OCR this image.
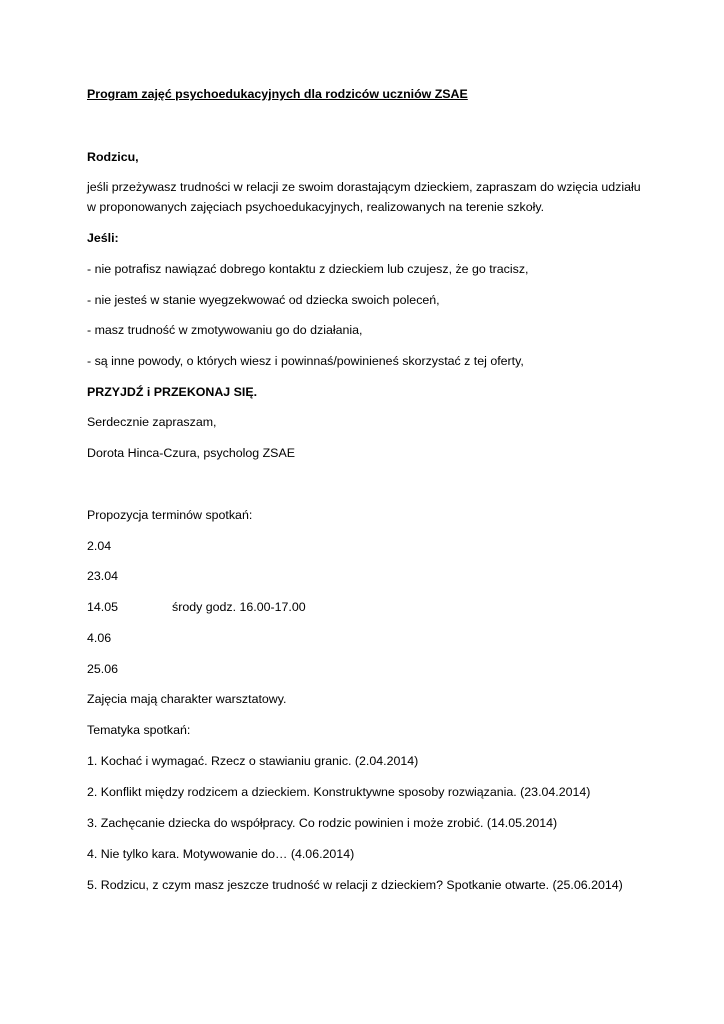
Program zajęć psychoedukacyjnych dla rodziców uczniów ZSAE
Rodzicu,
jeśli przeżywasz trudności w relacji ze swoim dorastającym dzieckiem, zapraszam do wzięcia udziału
w proponowanych zajęciach psychoedukacyjnych, realizowanych na terenie szkoły.
Jeśli:
- nie potrafisz nawiązać dobrego kontaktu z dzieckiem lub czujesz, że go tracisz,
- nie jesteś w stanie wyegzekwować od dziecka swoich poleceń,
- masz trudność w zmotywowaniu go do działania,
- są inne powody, o których wiesz i powinnaś/powinieneś skorzystać z tej oferty,
PRZYJDŹ i PRZEKONAJ SIĘ.
Serdecznie zapraszam,
Dorota Hinca-Czura, psycholog ZSAE
Propozycja terminów spotkań:
2.04
23.04
14.05	środy godz. 16.00-17.00
4.06
25.06
Zajęcia mają charakter warsztatowy.
Tematyka spotkań:
1. Kochać i wymagać. Rzecz o stawianiu granic. (2.04.2014)
2. Konflikt między rodzicem a dzieckiem. Konstruktywne sposoby rozwiązania. (23.04.2014)
3. Zachęcanie dziecka do współpracy. Co rodzic powinien i może zrobić. (14.05.2014)
4. Nie tylko kara. Motywowanie do… (4.06.2014)
5. Rodzicu, z czym masz jeszcze trudność w relacji z dzieckiem? Spotkanie otwarte. (25.06.2014)
